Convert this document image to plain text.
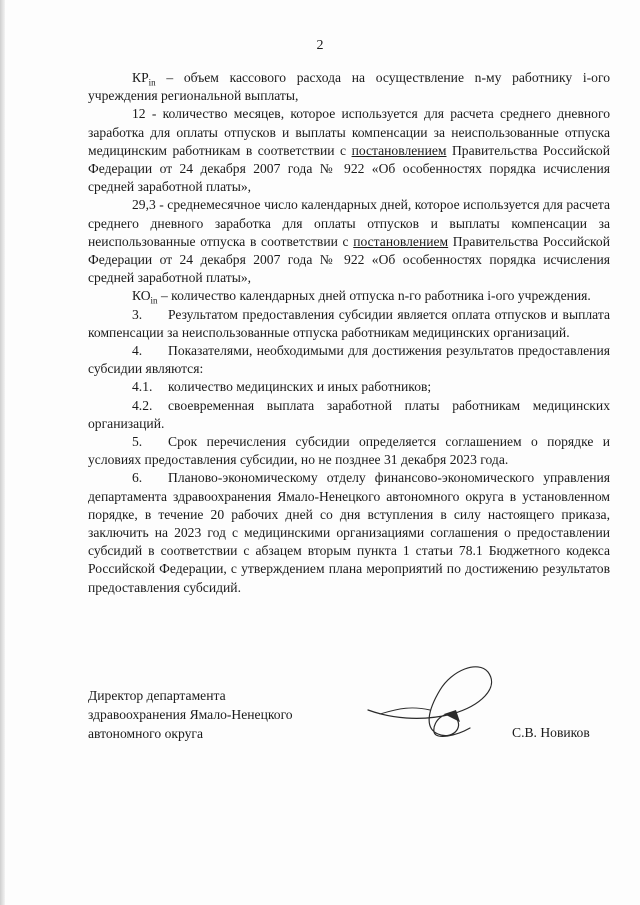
2

$КР_{in}$ – объем кассового расхода на осуществление n-му работнику i-ого учреждения региональной выплаты,

12 - количество месяцев, которое используется для расчета среднего дневного заработка для оплаты отпусков и выплаты компенсации за неиспользованные отпуска медицинским работникам в соответствии с постановлением Правительства Российской Федерации от 24 декабря 2007 года № 922 «Об особенностях порядка исчисления средней заработной платы»,

29,3 - среднемесячное число календарных дней, которое используется для расчета среднего дневного заработка для оплаты отпусков и выплаты компенсации за неиспользованные отпуска в соответствии с постановлением Правительства Российской Федерации от 24 декабря 2007 года № 922 «Об особенностях порядка исчисления средней заработной платы»,

$КО_{in}$ – количество календарных дней отпуска n-го работника i-ого учреждения.

3. Результатом предоставления субсидии является оплата отпусков и выплата компенсации за неиспользованные отпуска работникам медицинских организаций.

4. Показателями, необходимыми для достижения результатов предоставления субсидии являются:

4.1. количество медицинских и иных работников;

4.2. своевременная выплата заработной платы работникам медицинских организаций.

5. Срок перечисления субсидии определяется соглашением о порядке и условиях предоставления субсидии, но не позднее 31 декабря 2023 года.

6. Планово-экономическому отделу финансово-экономического управления департамента здравоохранения Ямало-Ненецкого автономного округа в установленном порядке, в течение 20 рабочих дней со дня вступления в силу настоящего приказа, заключить на 2023 год с медицинскими организациями соглашения о предоставлении субсидий в соответствии с абзацем вторым пункта 1 статьи 78.1 Бюджетного кодекса Российской Федерации, с утверждением плана мероприятий по достижению результатов предоставления субсидий.

Директор департамента
здравоохранения Ямало-Ненецкого
автономного округа	С.В. Новиков
